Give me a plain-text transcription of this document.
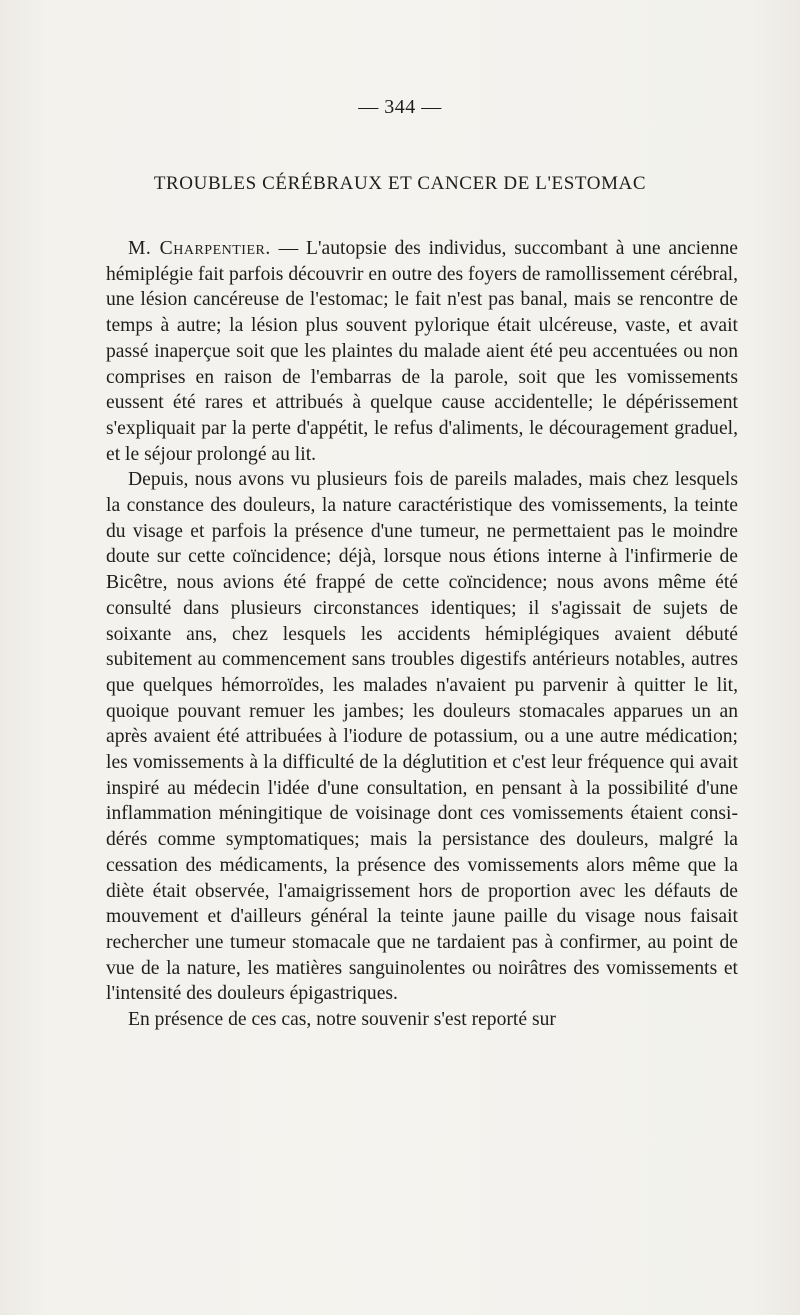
— 344 —
TROUBLES CÉRÉBRAUX ET CANCER DE L'ESTOMAC

M. Charpentier. — L'autopsie des individus, succombant à une ancienne hémiplégie fait parfois découvrir en outre des foyers de ramollissement cérébral, une lésion cancéreuse de l'estomac; le fait n'est pas banal, mais se rencontre de temps à autre; la lésion plus souvent pylorique était ulcéreuse, vaste, et avait passé inaperçue soit que les plaintes du malade aient été peu accentuées ou non comprises en raison de l'embarras de la parole, soit que les vomissements eussent été rares et attribués à quelque cause accidentelle; le dépérissement s'expliquait par la perte d'appétit, le refus d'aliments, le découragement graduel, et le séjour prolongé au lit.

Depuis, nous avons vu plusieurs fois de pareils malades, mais chez lesquels la constance des douleurs, la nature caractéristique des vomissements, la teinte du visage et parfois la présence d'une tumeur, ne permettaient pas le moindre doute sur cette coïncidence; déjà, lorsque nous étions interne à l'infirmerie de Bicêtre, nous avions été frappé de cette coïncidence; nous avons même été consulté dans plusieurs circonstances identiques; il s'agissait de sujets de soixante ans, chez lesquels les accidents hémiplégiques avaient débuté subitement au commencement sans troubles digestifs antérieurs notables, autres que quelques hémorroïdes, les malades n'avaient pu parvenir à quitter le lit, quoique pouvant remuer les jambes; les douleurs stomacales apparues un an après avaient été attribuées à l'iodure de potassium, ou a une autre médication; les vomissements à la difficulté de la déglutition et c'est leur fréquence qui avait inspiré au médecin l'idée d'une consultation, en pensant à la possibilité d'une inflammation méningitique de voisinage dont ces vomissements étaient considérés comme symptomatiques; mais la persistance des douleurs, malgré la cessation des médicaments, la présence des vomissements alors même que la diète était observée, l'amaigrissement hors de proportion avec les défauts de mouvement et d'ailleurs général la teinte jaune paille du visage nous faisait rechercher une tumeur stomacale que ne tardaient pas à confirmer, au point de vue de la nature, les matières sanguinolentes ou noirâtres des vomissements et l'intensité des douleurs épigastriques.

En présence de ces cas, notre souvenir s'est reporté sur
